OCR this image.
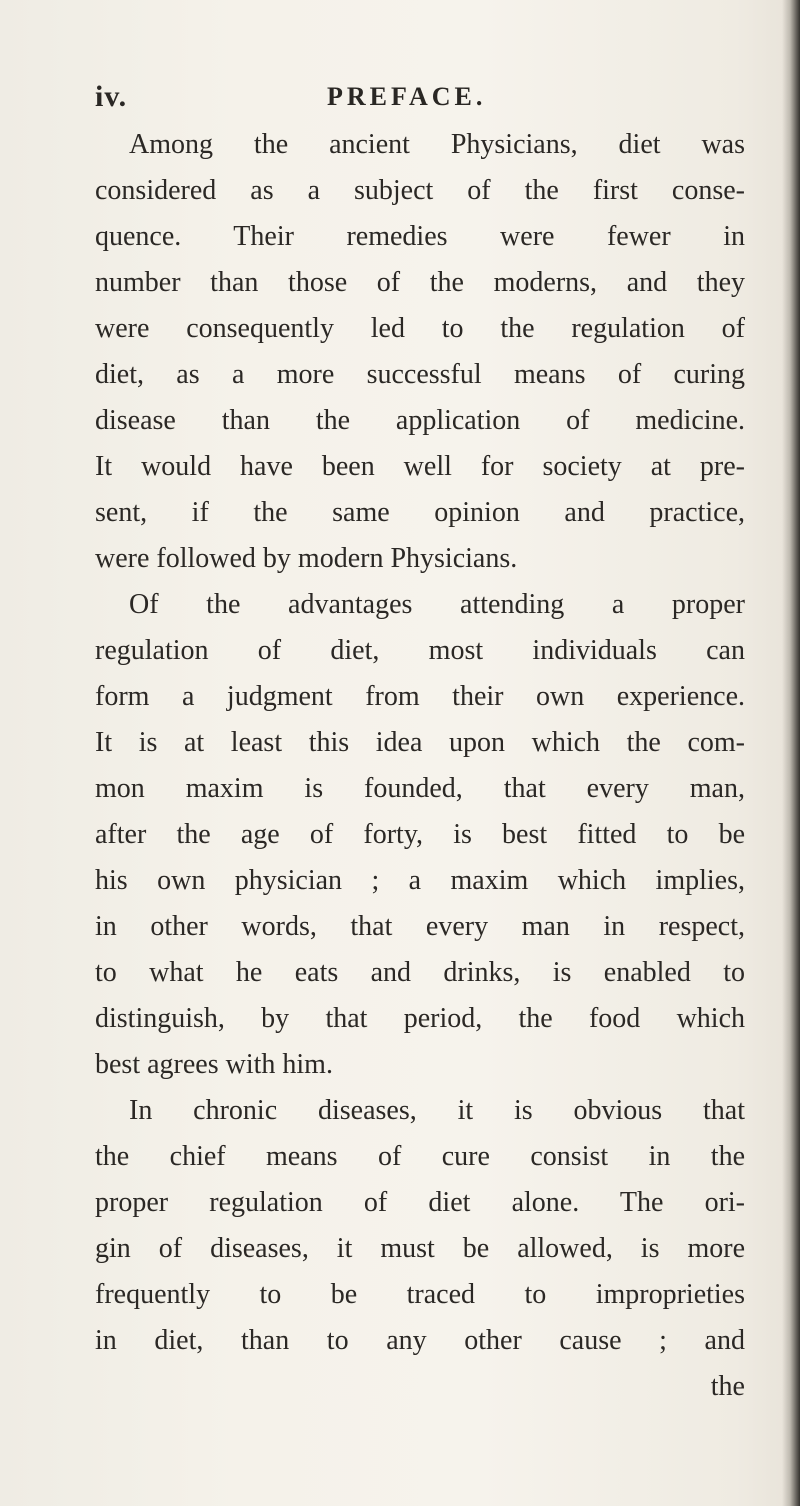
iv.	PREFACE.
Among the ancient Physicians, diet was
considered as a subject of the first conse-
quence. Their remedies were fewer in
number than those of the moderns, and they
were consequently led to the regulation of
diet, as a more successful means of curing
disease than the application of medicine.
It would have been well for society at pre-
sent, if the same opinion and practice,
were followed by modern Physicians.
Of the advantages attending a proper
regulation of diet, most individuals can
form a judgment from their own experience.
It is at least this idea upon which the com-
mon maxim is founded, that every man,
after the age of forty, is best fitted to be
his own physician ; a maxim which implies,
in other words, that every man in respect,
to what he eats and drinks, is enabled to
distinguish, by that period, the food which
best agrees with him.
In chronic diseases, it is obvious that
the chief means of cure consist in the
proper regulation of diet alone. The ori-
gin of diseases, it must be allowed, is more
frequently to be traced to improprieties
in diet, than to any other cause ; and
the
